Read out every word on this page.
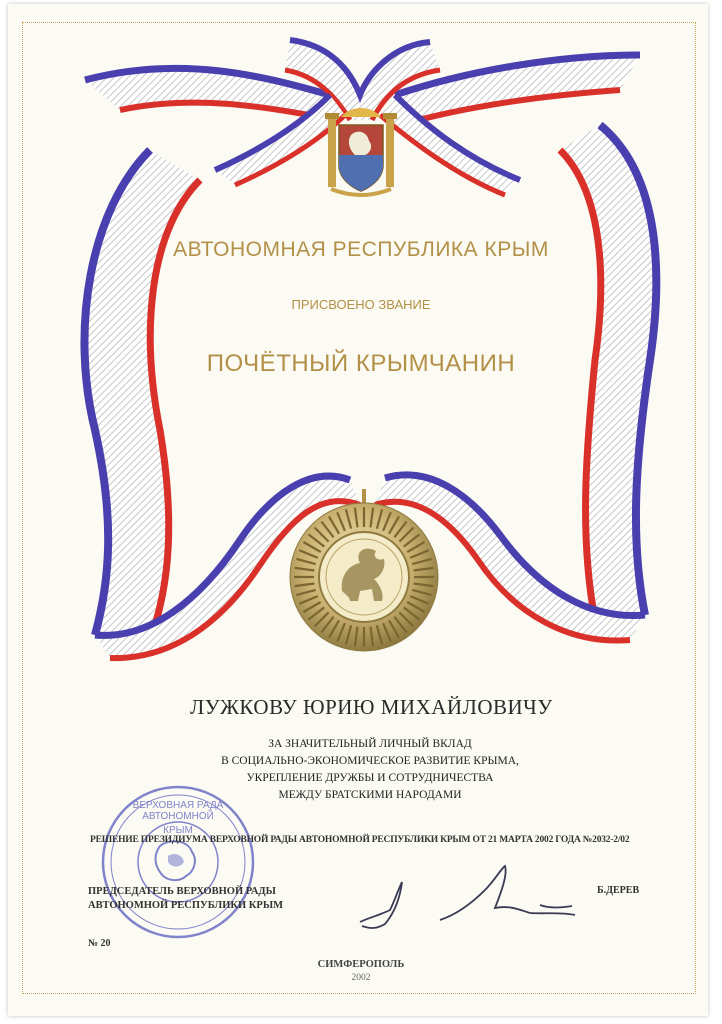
ВЕРХОВНАЯ РАДА
АВТОНОМНОЙ
КРЫМ
АВТОНОМНАЯ РЕСПУБЛИКА КРЫМ
ПРИСВОЕНО ЗВАНИЕ
ПОЧЁТНЫЙ КРЫМЧАНИН
ЛУЖКОВУ ЮРИЮ МИХАЙЛОВИЧУ
ЗА ЗНАЧИТЕЛЬНЫЙ ЛИЧНЫЙ ВКЛАД
В СОЦИАЛЬНО-ЭКОНОМИЧЕСКОЕ РАЗВИТИЕ КРЫМА,
УКРЕПЛЕНИЕ ДРУЖБЫ И СОТРУДНИЧЕСТВА
МЕЖДУ БРАТСКИМИ НАРОДАМИ
РЕШЕНИЕ ПРЕЗИДИУМА ВЕРХОВНОЙ РАДЫ АВТОНОМНОЙ РЕСПУБЛИКИ КРЫМ ОТ 21 МАРТА 2002 ГОДА №2032-2/02
ПРЕДСЕДАТЕЛЬ ВЕРХОВНОЙ РАДЫ
АВТОНОМНОЙ РЕСПУБЛИКИ КРЫМ
Б.ДЕРЕВ
№ 20
СИМФЕРОПОЛЬ
2002
